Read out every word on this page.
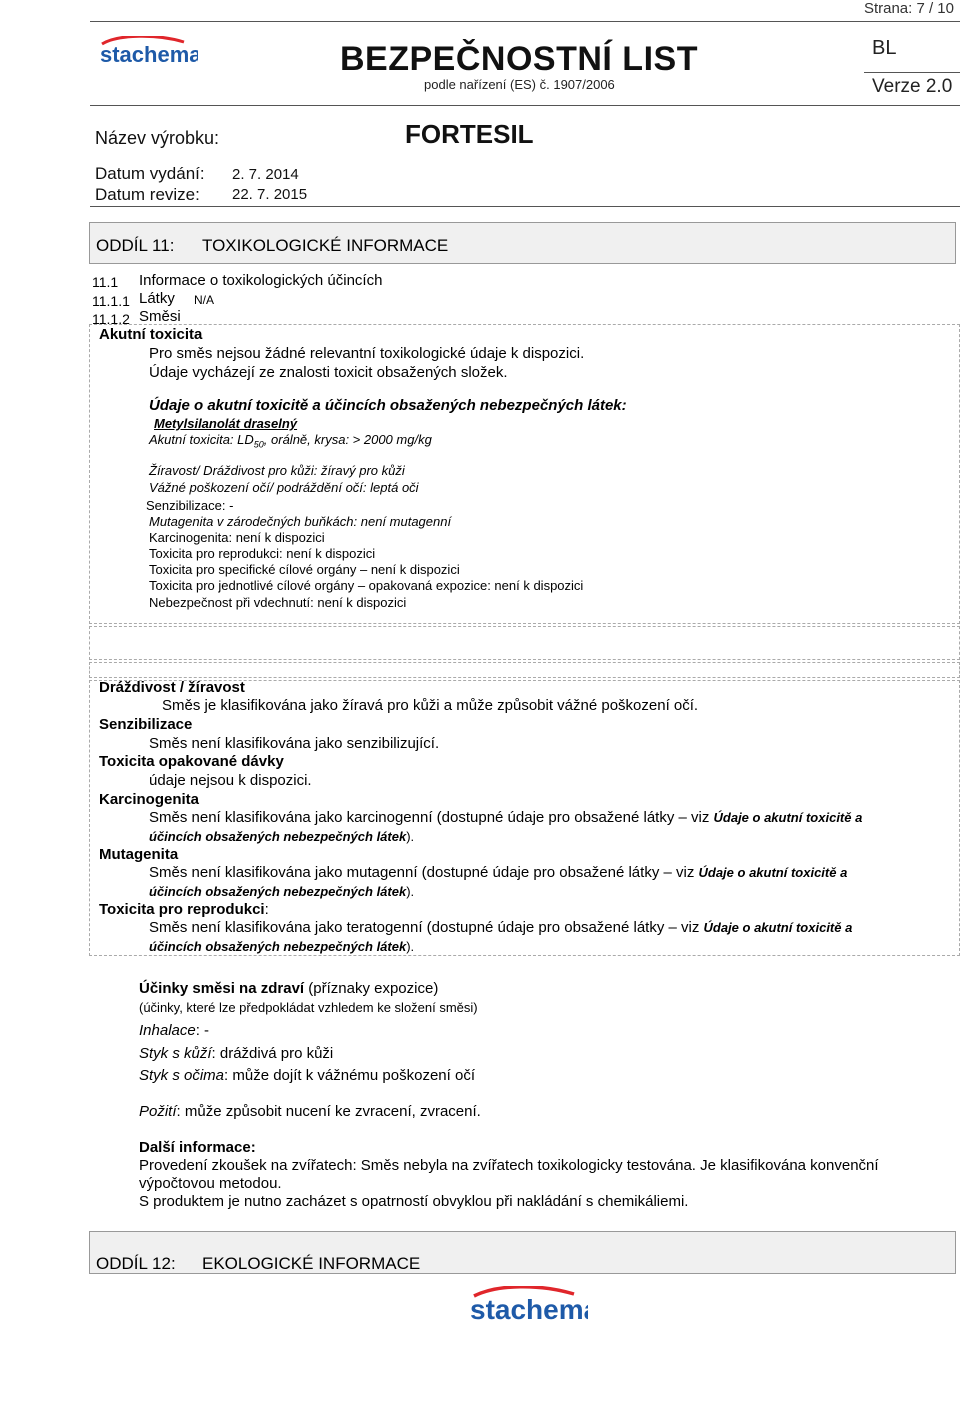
Strana: 7 / 10
stachema	BEZPEČNOSTNÍ LIST
podle nařízení (ES) č. 1907/2006
BL
Verze 2.0
Název výrobku:	FORTESIL
Datum vydání: 2. 7. 2014
Datum revize: 22. 7. 2015
ODDÍL 11: TOXIKOLOGICKÉ INFORMACE
11.1 Informace o toxikologických účincích
11.1.1 Látky N/A
11.1.2 Směsi
Akutní toxicita
Pro směs nejsou žádné relevantní toxikologické údaje k dispozici.
Údaje vycházejí ze znalosti toxicit obsažených složek.
Údaje o akutní toxicitě a účincích obsažených nebezpečných látek:
Metylsilanolát draselný
Akutní toxicita: $LD_{50}$, orálně, krysa: > 2000 mg/kg
Žíravost/ Dráždivost pro kůži: žíravý pro kůži
Vážné poškození očí/ podráždění očí: leptá oči
Senzibilizace: -
Mutagenita v zárodečných buňkách: není mutagenní
Karcinogenita: není k dispozici
Toxicita pro reprodukci: není k dispozici
Toxicita pro specifické cílové orgány – není k dispozici
Toxicita pro jednotlivé cílové orgány – opakovaná expozice: není k dispozici
Nebezpečnost při vdechnutí: není k dispozici
Dráždivost / žíravost
Směs je klasifikována jako žíravá pro kůži a může způsobit vážné poškození očí.
Senzibilizace
Směs není klasifikována jako senzibilizující.
Toxicita opakované dávky
údaje nejsou k dispozici.
Karcinogenita
Směs není klasifikována jako karcinogenní (dostupné údaje pro obsažené látky – viz Údaje o akutní toxicitě a
účincích obsažených nebezpečných látek).
Mutagenita
Směs není klasifikována jako mutagenní (dostupné údaje pro obsažené látky – viz Údaje o akutní toxicitě a
účincích obsažených nebezpečných látek).
Toxicita pro reprodukci:
Směs není klasifikována jako teratogenní (dostupné údaje pro obsažené látky – viz Údaje o akutní toxicitě a
účincích obsažených nebezpečných látek).
Účinky směsi na zdraví (příznaky expozice)
(účinky, které lze předpokládat vzhledem ke složení směsi)
Inhalace: -
Styk s kůží: dráždivá pro kůži
Styk s očima: může dojít k vážnému poškození očí
Požití: může způsobit nucení ke zvracení, zvracení.
Další informace:
Provedení zkoušek na zvířatech: Směs nebyla na zvířatech toxikologicky testována. Je klasifikována konvenční
výpočtovou metodou.
S produktem je nutno zacházet s opatrností obvyklou při nakládání s chemikáliemi.
ODDÍL 12: EKOLOGICKÉ INFORMACE
stachema
